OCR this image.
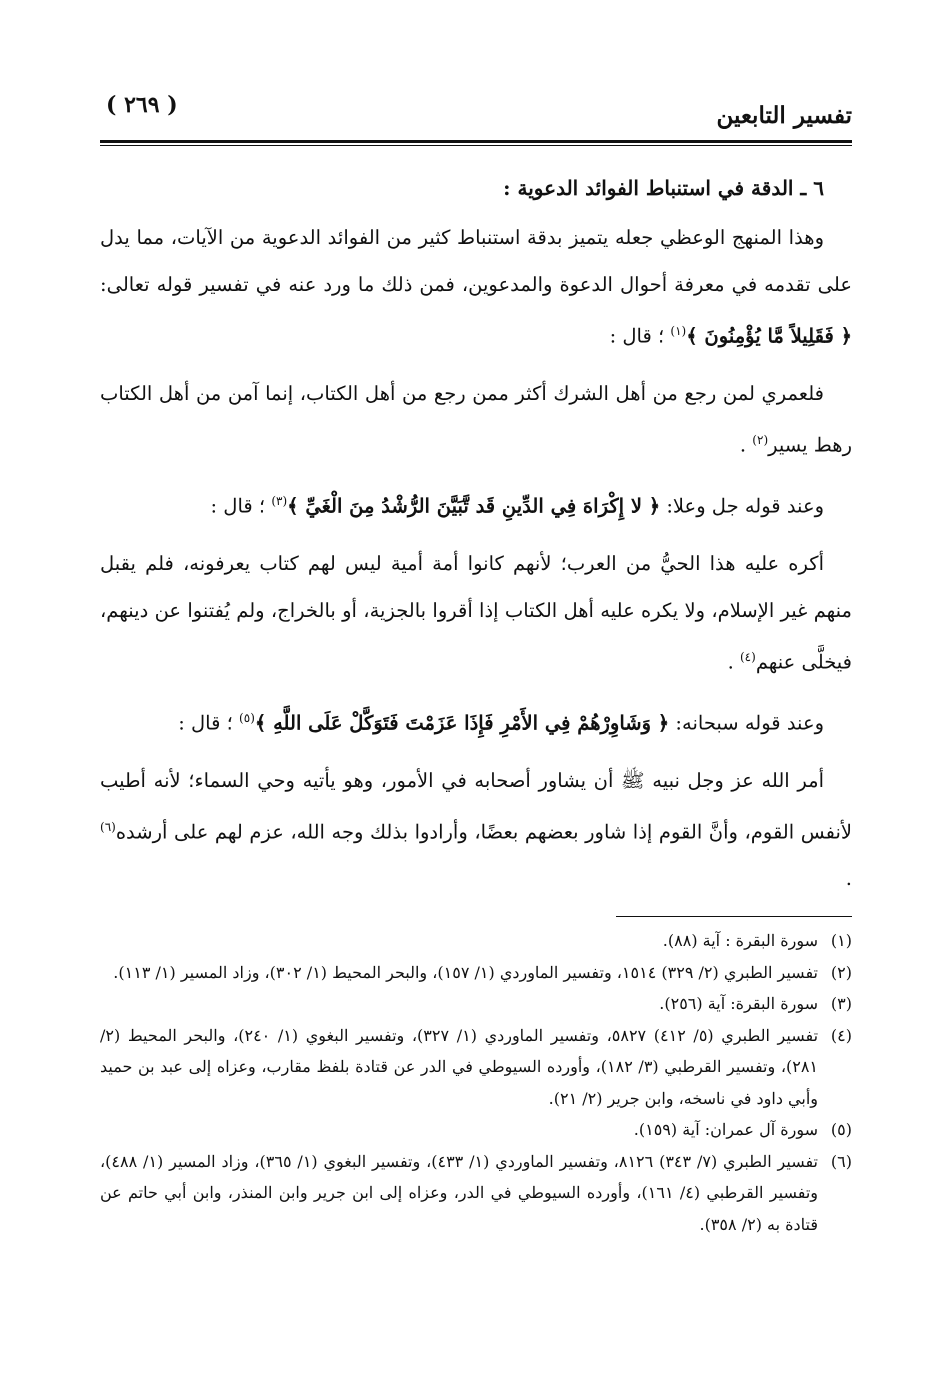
تفسير التابعين
( ٢٦٩ )
٦ ـ الدقة في استنباط الفوائد الدعوية :

وهذا المنهج الوعظي جعله يتميز بدقة استنباط كثير من الفوائد الدعوية من الآيات، مما يدل على تقدمه في معرفة أحوال الدعوة والمدعوين، فمن ذلك ما ورد عنه في تفسير قوله تعالى: ﴿ فَقَلِيلاً مَّا يُؤْمِنُونَ ﴾$^{(١)}$ ؛ قال :

فلعمري لمن رجع من أهل الشرك أكثر ممن رجع من أهل الكتاب، إنما آمن من أهل الكتاب رهط يسير$^{(٢)}$ .

وعند قوله جل وعلا: ﴿ لا إِكْرَاهَ فِي الدِّينِ قَد تَّبَيَّنَ الرُّشْدُ مِنَ الْغَيِّ ﴾$^{(٣)}$ ؛ قال :

أكره عليه هذا الحيُّ من العرب؛ لأنهم كانوا أمة أمية ليس لهم كتاب يعرفونه، فلم يقبل منهم غير الإسلام، ولا يكره عليه أهل الكتاب إذا أقروا بالجزية، أو بالخراج، ولم يُفتنوا عن دينهم، فيخلَّى عنهم$^{(٤)}$ .

وعند قوله سبحانه: ﴿ وَشَاوِرْهُمْ فِي الأَمْرِ فَإِذَا عَزَمْتَ فَتَوَكَّلْ عَلَى اللَّهِ ﴾$^{(٥)}$ ؛ قال :

أمر الله عز وجل نبيه ﷺ أن يشاور أصحابه في الأمور، وهو يأتيه وحي السماء؛ لأنه أطيب لأنفس القوم، وأنَّ القوم إذا شاور بعضهم بعضًا، وأرادوا بذلك وجه الله، عزم لهم على أرشده$^{(٦)}$ .

(١)
سورة البقرة : آية (٨٨).
(٢)
تفسير الطبري (٢/ ٣٢٩) ١٥١٤، وتفسير الماوردي (١/ ١٥٧)، والبحر المحيط (١/ ٣٠٢)، وزاد المسير (١/ ١١٣).
(٣)
سورة البقرة: آية (٢٥٦).
(٤)
تفسير الطبري (٥/ ٤١٢) ٥٨٢٧، وتفسير الماوردي (١/ ٣٢٧)، وتفسير البغوي (١/ ٢٤٠)، والبحر المحيط (٢/ ٢٨١)، وتفسير القرطبي (٣/ ١٨٢)، وأورده السيوطي في الدر عن قتادة بلفظ مقارب، وعزاه إلى عبد بن حميد وأبي داود في ناسخه، وابن جرير (٢/ ٢١).
(٥)
سورة آل عمران: آية (١٥٩).
(٦)
تفسير الطبري (٧/ ٣٤٣) ٨١٢٦، وتفسير الماوردي (١/ ٤٣٣)، وتفسير البغوي (١/ ٣٦٥)، وزاد المسير (١/ ٤٨٨)، وتفسير القرطبي (٤/ ١٦١)، وأورده السيوطي في الدر، وعزاه إلى ابن جرير وابن المنذر، وابن أبي حاتم عن قتادة به (٢/ ٣٥٨).
